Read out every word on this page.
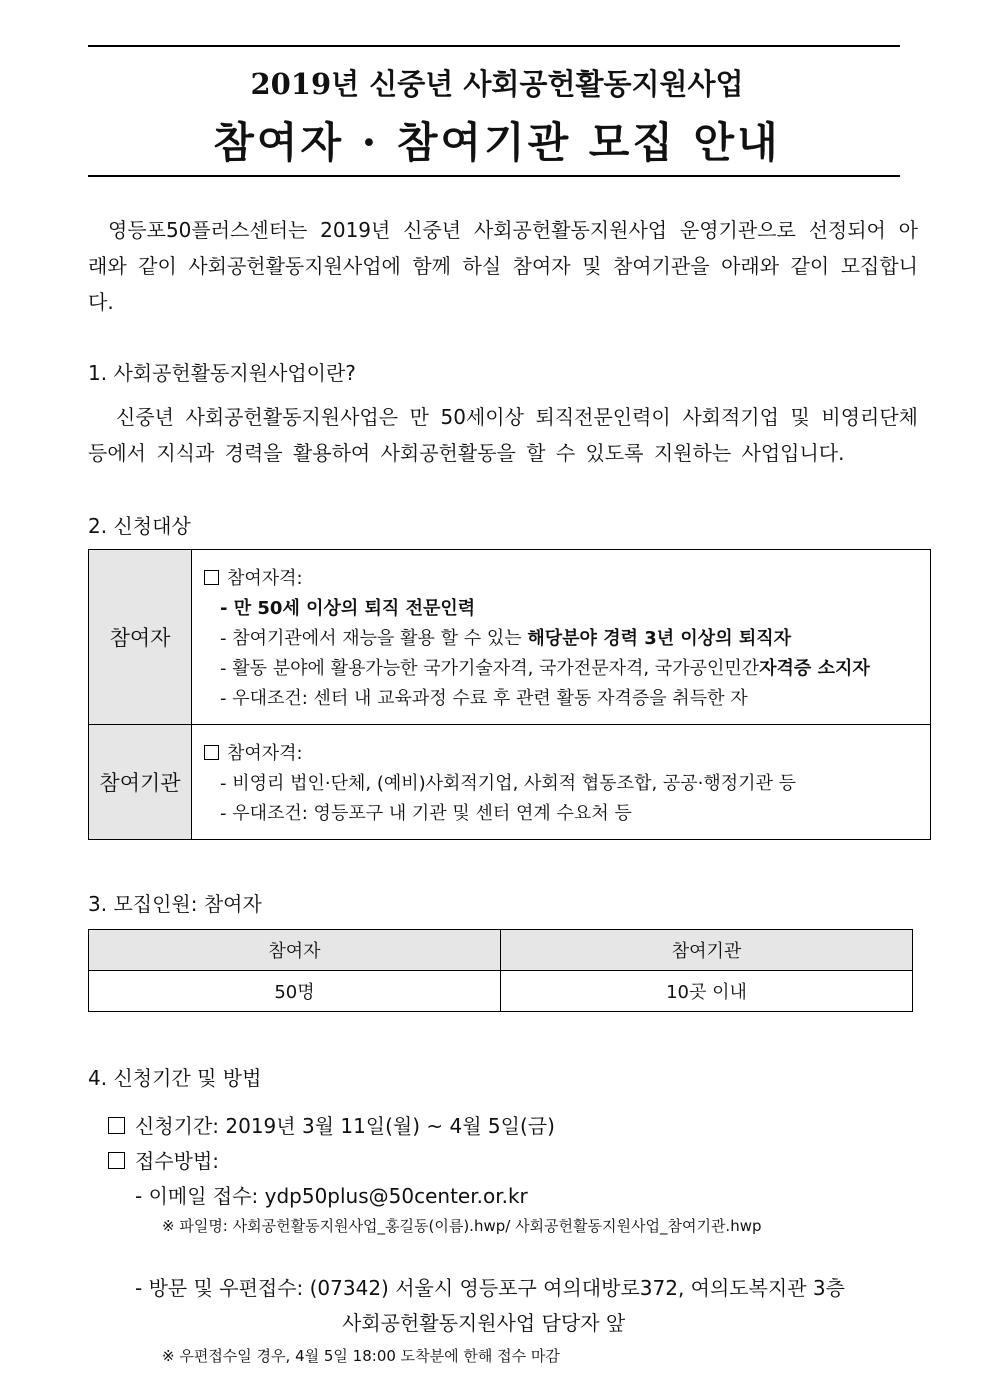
2019년 신중년 사회공헌활동지원사업
참여자 · 참여기관 모집 안내
영등포50플러스센터는 2019년 신중년 사회공헌활동지원사업 운영기관으로 선정되어 아래와 같이 사회공헌활동지원사업에 함께 하실 참여자 및 참여기관을 아래와 같이 모집합니다.
1. 사회공헌활동지원사업이란?
신중년 사회공헌활동지원사업은 만 50세이상 퇴직전문인력이 사회적기업 및 비영리단체 등에서 지식과 경력을 활용하여 사회공헌활동을 할 수 있도록 지원하는 사업입니다.
2. 신청대상
참여자	참여자격:
- 만 50세 이상의 퇴직 전문인력
- 참여기관에서 재능을 활용 할 수 있는 해당분야 경력 3년 이상의 퇴직자
- 활동 분야에 활용가능한 국가기술자격, 국가전문자격, 국가공인민간자격증 소지자
- 우대조건: 센터 내 교육과정 수료 후 관련 활동 자격증을 취득한 자

참여기관	참여자격:
- 비영리 법인·단체, (예비)사회적기업, 사회적 협동조합, 공공·행정기관 등
- 우대조건: 영등포구 내 기관 및 센터 연계 수요처 등
3. 모집인원: 참여자
참여자	참여기관
50명	10곳 이내
4. 신청기간 및 방법
신청기간: 2019년 3월 11일(월) ~ 4월 5일(금)
접수방법:
- 이메일 접수: ydp50plus@50center.or.kr
※ 파일명: 사회공헌활동지원사업_홍길동(이름).hwp/ 사회공헌활동지원사업_참여기관.hwp
- 방문 및 우편접수: (07342) 서울시 영등포구 여의대방로372, 여의도복지관 3층
사회공헌활동지원사업 담당자 앞
※ 우편접수일 경우, 4월 5일 18:00 도착분에 한해 접수 마감
